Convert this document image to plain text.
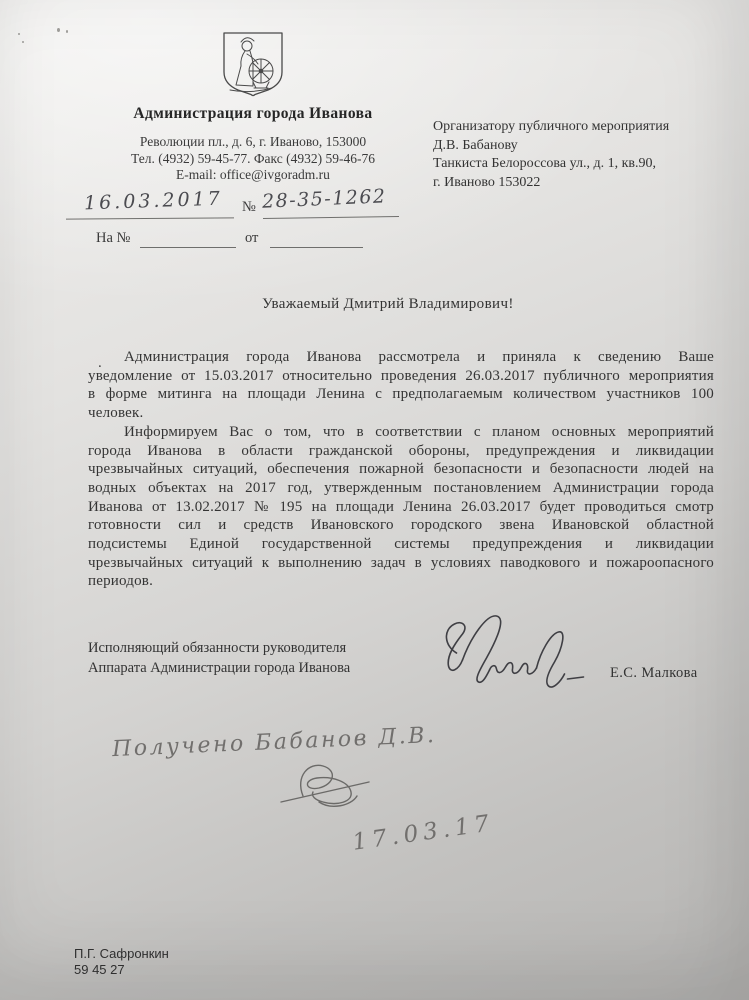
Администрация города Иванова
Революции пл., д. 6, г. Иваново, 153000
Тел. (4932) 59-45-77. Факс (4932) 59-46-76
E-mail: office@ivgoradm.ru
Организатору публичного мероприятия
Д.В. Бабанову
Танкиста Белороссова ул., д. 1, кв.90,
г. Иваново 153022
16.03.2017 № 28-35-1262
На №	от
Уважаемый Дмитрий Владимирович!
.	Администрация города Иванова рассмотрела и приняла к сведению Ваше уведомление от 15.03.2017 относительно проведения 26.03.2017 публичного мероприятия в форме митинга на площади Ленина с предполагаемым количеством участников 100 человек.

Информируем Вас о том, что в соответствии с планом основных мероприятий города Иванова в области гражданской обороны, предупреждения и ликвидации чрезвычайных ситуаций, обеспечения пожарной безопасности и безопасности людей на водных объектах на 2017 год, утвержденным постановлением Администрации города Иванова от 13.02.2017 № 195 на площади Ленина 26.03.2017 будет проводиться смотр готовности сил и средств Ивановского городского звена Ивановской областной подсистемы Единой государственной системы предупреждения и ликвидации чрезвычайных ситуаций к выполнению задач в условиях паводкового и пожароопасного периодов.

Исполняющий обязанности руководителя
Аппарата Администрации города Иванова	Е.С. Малкова
Получено Бабанов Д.В.
17.03.17
П.Г. Сафронкин
59 45 27
